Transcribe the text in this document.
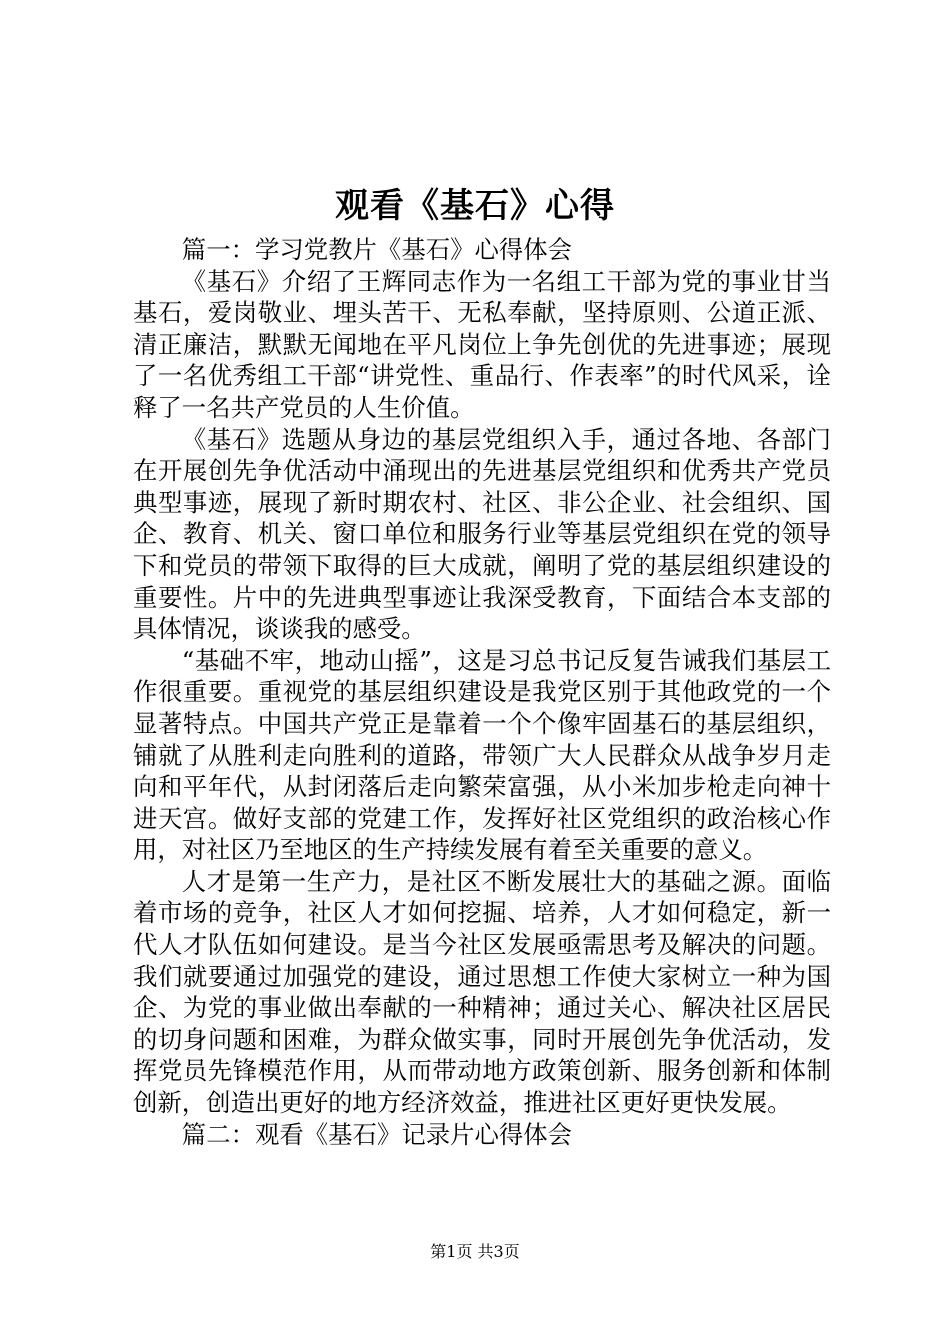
观看《基石》心得

篇一：学习党教片《基石》心得体会

《基石》介绍了王辉同志作为一名组工干部为党的事业甘当基石，爱岗敬业、埋头苦干、无私奉献，坚持原则、公道正派、清正廉洁，默默无闻地在平凡岗位上争先创优的先进事迹；展现了一名优秀组工干部“讲党性、重品行、作表率”的时代风采，诠释了一名共产党员的人生价值。

《基石》选题从身边的基层党组织入手，通过各地、各部门在开展创先争优活动中涌现出的先进基层党组织和优秀共产党员典型事迹，展现了新时期农村、社区、非公企业、社会组织、国企、教育、机关、窗口单位和服务行业等基层党组织在党的领导下和党员的带领下取得的巨大成就，阐明了党的基层组织建设的重要性。片中的先进典型事迹让我深受教育，下面结合本支部的具体情况，谈谈我的感受。

“基础不牢，地动山摇”，这是习总书记反复告诫我们基层工作很重要。重视党的基层组织建设是我党区别于其他政党的一个显著特点。中国共产党正是靠着一个个像牢固基石的基层组织，铺就了从胜利走向胜利的道路，带领广大人民群众从战争岁月走向和平年代，从封闭落后走向繁荣富强，从小米加步枪走向神十进天宫。做好支部的党建工作，发挥好社区党组织的政治核心作用，对社区乃至地区的生产持续发展有着至关重要的意义。

人才是第一生产力，是社区不断发展壮大的基础之源。面临着市场的竞争，社区人才如何挖掘、培养，人才如何稳定，新一代人才队伍如何建设。是当今社区发展亟需思考及解决的问题。我们就要通过加强党的建设，通过思想工作使大家树立一种为国企、为党的事业做出奉献的一种精神；通过关心、解决社区居民的切身问题和困难，为群众做实事，同时开展创先争优活动，发挥党员先锋模范作用，从而带动地方政策创新、服务创新和体制创新，创造出更好的地方经济效益，推进社区更好更快发展。

篇二：观看《基石》记录片心得体会

第1页 共3页
